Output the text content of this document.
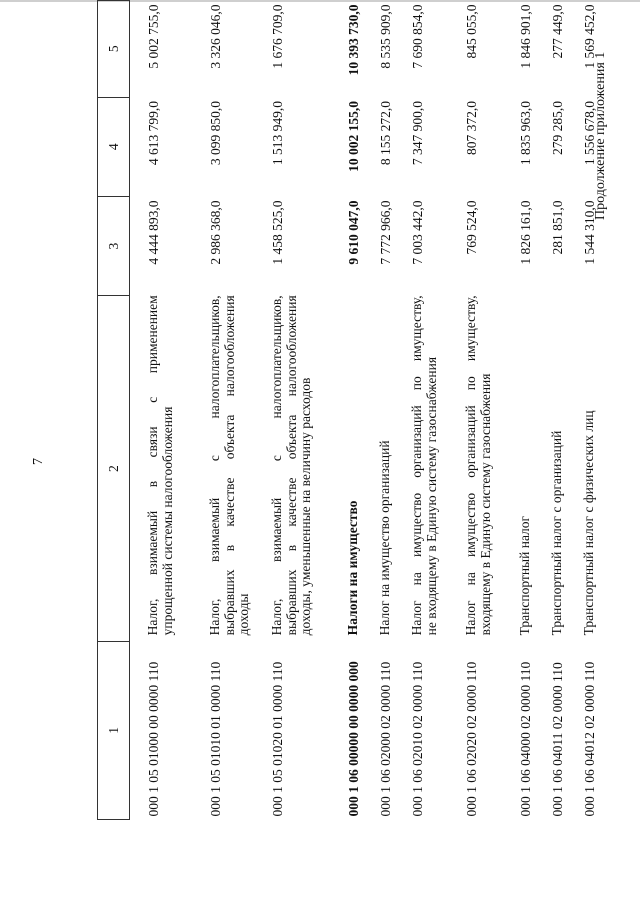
7
Продолжение приложения 1
1	2	3	4	5

000 1 05 01000 00 0000 110	Налог, взимаемый в связи с применением упрощенной системы налогообложения	4 444 893,0	4 613 799,0	5 002 755,0

000 1 05 01010 01 0000 110	Налог, взимаемый с налогоплательщиков, выбравших в качестве объекта налогообложения доходы	2 986 368,0	3 099 850,0	3 326 046,0

000 1 05 01020 01 0000 110	Налог, взимаемый с налогоплательщиков, выбравших в качестве объекта налогообложения доходы, уменьшенные на величину расходов	1 458 525,0	1 513 949,0	1 676 709,0

000 1 06 00000 00 0000 000	Налоги на имущество	9 610 047,0	10 002 155,0	10 393 730,0

000 1 06 02000 02 0000 110	Налог на имущество организаций	7 772 966,0	8 155 272,0	8 535 909,0

000 1 06 02010 02 0000 110	Налог на имущество организаций по имуществу, не входящему в Единую систему газоснабжения	7 003 442,0	7 347 900,0	7 690 854,0

000 1 06 02020 02 0000 110	Налог на имущество организаций по имуществу, входящему в Единую систему газоснабжения	769 524,0	807 372,0	845 055,0

000 1 06 04000 02 0000 110	Транспортный налог	1 826 161,0	1 835 963,0	1 846 901,0

000 1 06 04011 02 0000 110	Транспортный налог с организаций	281 851,0	279 285,0	277 449,0

000 1 06 04012 02 0000 110	Транспортный налог с физических лиц	1 544 310,0	1 556 678,0	1 569 452,0
